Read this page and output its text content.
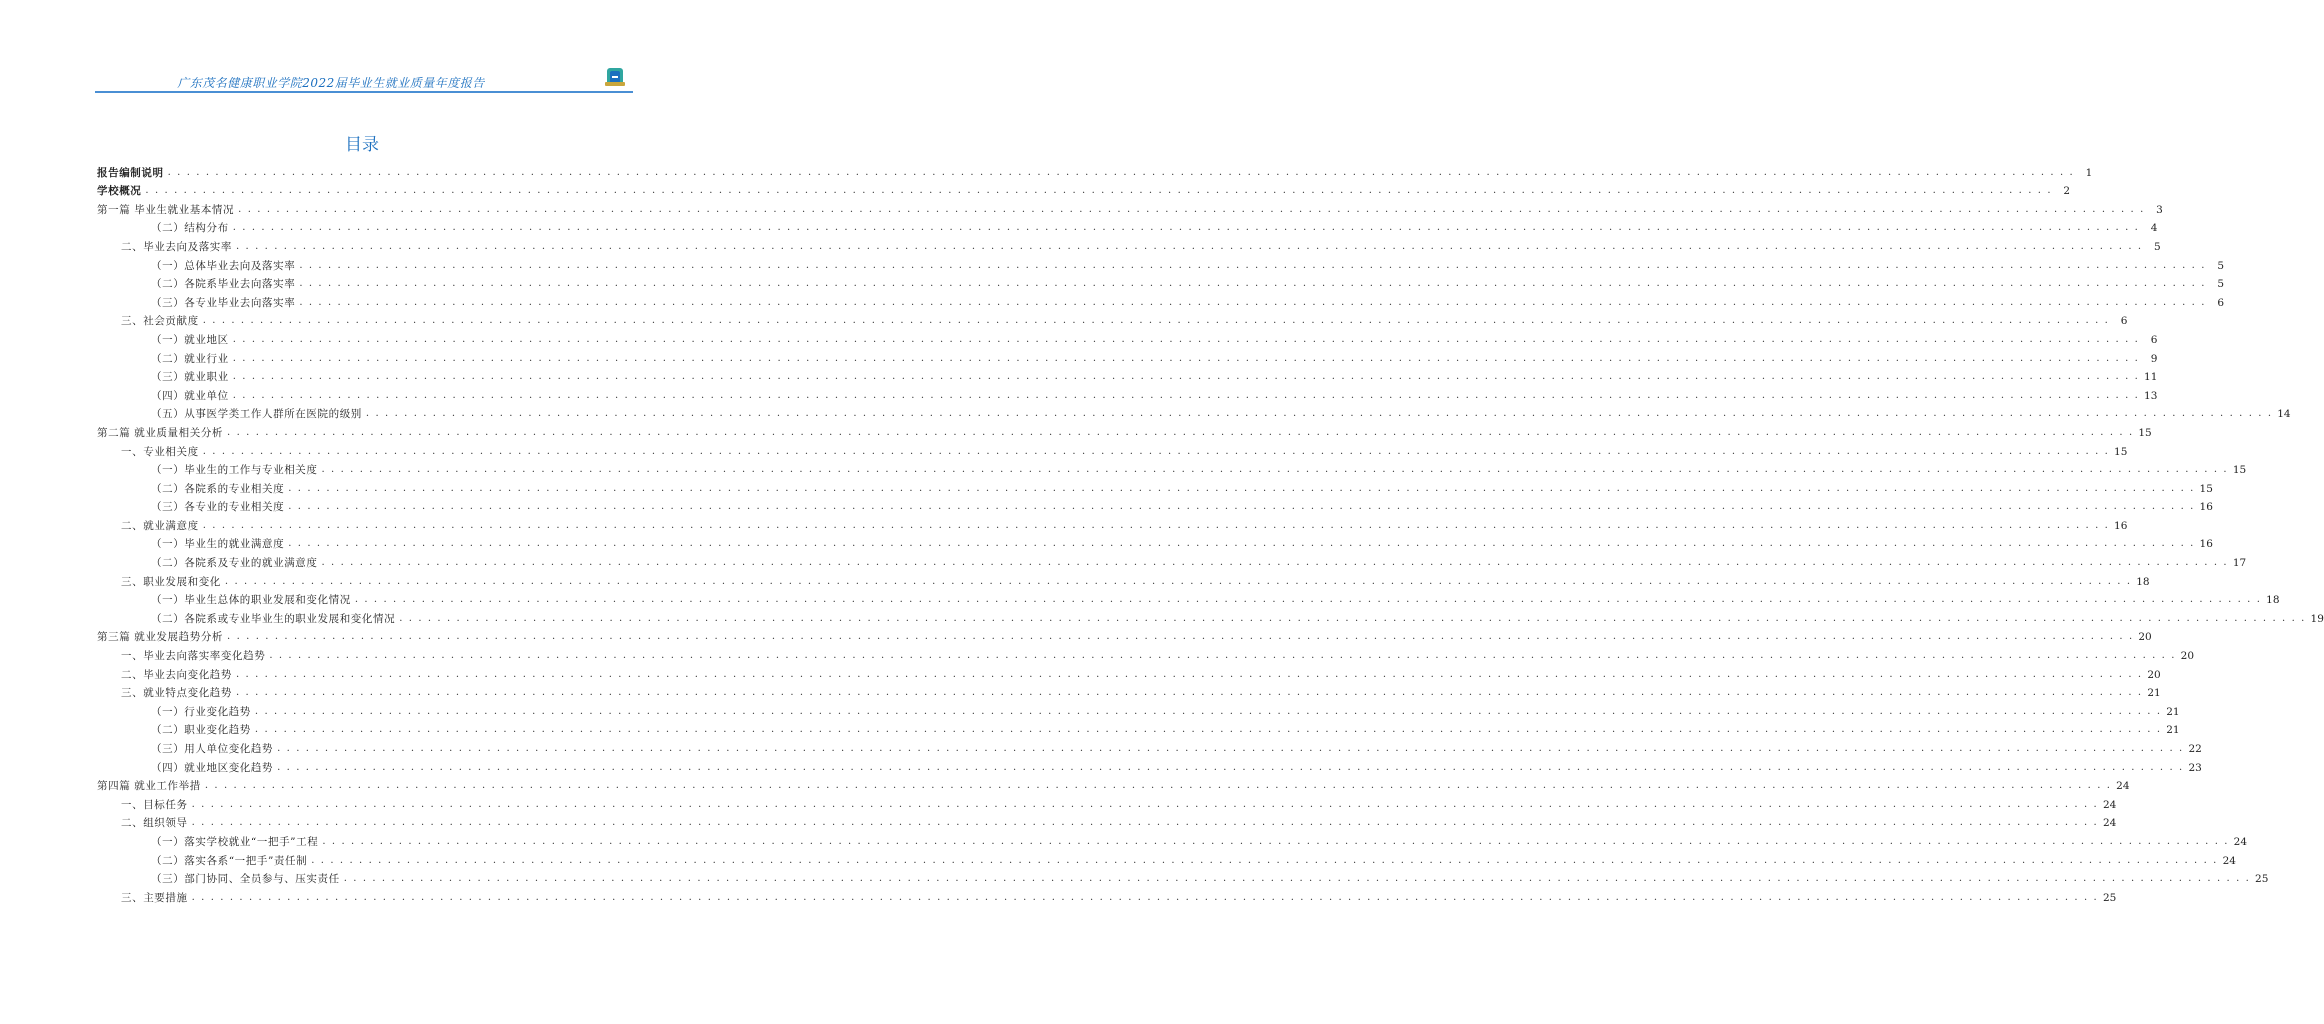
广东茂名健康职业学院2022届毕业生就业质量年度报告
目录
报告编制说明 . . . . . . . . . . . . . . . . . . . . . . . . . . . . . . . . . . . . . . . . . . . . . . . . . . . . . . . . . . . . . . . . . . . . . . . . . . . . . . . . . . . . . . . . . . . . . . . . . . . . . . . . . . . . . . . . . . . . . . . . . . . . . . . . . . . . . . . . . . . . . . . . . . . . . . . . . . . . . . . . . . . . . . . . . . . . . . . . . . . . . . . . . . . . . . . . . . . . . . . .	1
学校概况 . . . . . . . . . . . . . . . . . . . . . . . . . . . . . . . . . . . . . . . . . . . . . . . . . . . . . . . . . . . . . . . . . . . . . . . . . . . . . . . . . . . . . . . . . . . . . . . . . . . . . . . . . . . . . . . . . . . . . . . . . . . . . . . . . . . . . . . . . . . . . . . . . . . . . . . . . . . . . . . . . . . . . . . . . . . . . . . . . . . . . . . . . . . . . . . . . . . . . . . .	2
第一篇 毕业生就业基本情况 . . . . . . . . . . . . . . . . . . . . . . . . . . . . . . . . . . . . . . . . . . . . . . . . . . . . . . . . . . . . . . . . . . . . . . . . . . . . . . . . . . . . . . . . . . . . . . . . . . . . . . . . . . . . . . . . . . . . . . . . . . . . . . . . . . . . . . . . . . . . . . . . . . . . . . . . . . . . . . . . . . . . . . . . . . . . . . . . . . . . . . . . . . . . . . . . . . . . . . . .	3
（二）结构分布 . . . . . . . . . . . . . . . . . . . . . . . . . . . . . . . . . . . . . . . . . . . . . . . . . . . . . . . . . . . . . . . . . . . . . . . . . . . . . . . . . . . . . . . . . . . . . . . . . . . . . . . . . . . . . . . . . . . . . . . . . . . . . . . . . . . . . . . . . . . . . . . . . . . . . . . . . . . . . . . . . . . . . . . . . . . . . . . . . . . . . . . . . . . . . . . . . . . . . . . .	4
二、毕业去向及落实率 . . . . . . . . . . . . . . . . . . . . . . . . . . . . . . . . . . . . . . . . . . . . . . . . . . . . . . . . . . . . . . . . . . . . . . . . . . . . . . . . . . . . . . . . . . . . . . . . . . . . . . . . . . . . . . . . . . . . . . . . . . . . . . . . . . . . . . . . . . . . . . . . . . . . . . . . . . . . . . . . . . . . . . . . . . . . . . . . . . . . . . . . . . . . . . . . . . . . . . . .	5
（一）总体毕业去向及落实率 . . . . . . . . . . . . . . . . . . . . . . . . . . . . . . . . . . . . . . . . . . . . . . . . . . . . . . . . . . . . . . . . . . . . . . . . . . . . . . . . . . . . . . . . . . . . . . . . . . . . . . . . . . . . . . . . . . . . . . . . . . . . . . . . . . . . . . . . . . . . . . . . . . . . . . . . . . . . . . . . . . . . . . . . . . . . . . . . . . . . . . . . . . . . . . . . . . . . . . . .	5
（二）各院系毕业去向落实率 . . . . . . . . . . . . . . . . . . . . . . . . . . . . . . . . . . . . . . . . . . . . . . . . . . . . . . . . . . . . . . . . . . . . . . . . . . . . . . . . . . . . . . . . . . . . . . . . . . . . . . . . . . . . . . . . . . . . . . . . . . . . . . . . . . . . . . . . . . . . . . . . . . . . . . . . . . . . . . . . . . . . . . . . . . . . . . . . . . . . . . . . . . . . . . . . . . . . . . . .	5
（三）各专业毕业去向落实率 . . . . . . . . . . . . . . . . . . . . . . . . . . . . . . . . . . . . . . . . . . . . . . . . . . . . . . . . . . . . . . . . . . . . . . . . . . . . . . . . . . . . . . . . . . . . . . . . . . . . . . . . . . . . . . . . . . . . . . . . . . . . . . . . . . . . . . . . . . . . . . . . . . . . . . . . . . . . . . . . . . . . . . . . . . . . . . . . . . . . . . . . . . . . . . . . . . . . . . . .	6
三、社会贡献度 . . . . . . . . . . . . . . . . . . . . . . . . . . . . . . . . . . . . . . . . . . . . . . . . . . . . . . . . . . . . . . . . . . . . . . . . . . . . . . . . . . . . . . . . . . . . . . . . . . . . . . . . . . . . . . . . . . . . . . . . . . . . . . . . . . . . . . . . . . . . . . . . . . . . . . . . . . . . . . . . . . . . . . . . . . . . . . . . . . . . . . . . . . . . . . . . . . . . . . . .	6
（一）就业地区 . . . . . . . . . . . . . . . . . . . . . . . . . . . . . . . . . . . . . . . . . . . . . . . . . . . . . . . . . . . . . . . . . . . . . . . . . . . . . . . . . . . . . . . . . . . . . . . . . . . . . . . . . . . . . . . . . . . . . . . . . . . . . . . . . . . . . . . . . . . . . . . . . . . . . . . . . . . . . . . . . . . . . . . . . . . . . . . . . . . . . . . . . . . . . . . . . . . . . . . .	6
（二）就业行业 . . . . . . . . . . . . . . . . . . . . . . . . . . . . . . . . . . . . . . . . . . . . . . . . . . . . . . . . . . . . . . . . . . . . . . . . . . . . . . . . . . . . . . . . . . . . . . . . . . . . . . . . . . . . . . . . . . . . . . . . . . . . . . . . . . . . . . . . . . . . . . . . . . . . . . . . . . . . . . . . . . . . . . . . . . . . . . . . . . . . . . . . . . . . . . . . . . . . . . . .	9
（三）就业职业 . . . . . . . . . . . . . . . . . . . . . . . . . . . . . . . . . . . . . . . . . . . . . . . . . . . . . . . . . . . . . . . . . . . . . . . . . . . . . . . . . . . . . . . . . . . . . . . . . . . . . . . . . . . . . . . . . . . . . . . . . . . . . . . . . . . . . . . . . . . . . . . . . . . . . . . . . . . . . . . . . . . . . . . . . . . . . . . . . . . . . . . . . . . . . . . . . . . . . . . . 11
（四）就业单位 . . . . . . . . . . . . . . . . . . . . . . . . . . . . . . . . . . . . . . . . . . . . . . . . . . . . . . . . . . . . . . . . . . . . . . . . . . . . . . . . . . . . . . . . . . . . . . . . . . . . . . . . . . . . . . . . . . . . . . . . . . . . . . . . . . . . . . . . . . . . . . . . . . . . . . . . . . . . . . . . . . . . . . . . . . . . . . . . . . . . . . . . . . . . . . . . . . . . . . . . 13
（五）从事医学类工作人群所在医院的级别 . . . . . . . . . . . . . . . . . . . . . . . . . . . . . . . . . . . . . . . . . . . . . . . . . . . . . . . . . . . . . . . . . . . . . . . . . . . . . . . . . . . . . . . . . . . . . . . . . . . . . . . . . . . . . . . . . . . . . . . . . . . . . . . . . . . . . . . . . . . . . . . . . . . . . . . . . . . . . . . . . . . . . . . . . . . . . . . . . . . . . . . . . . . . . . . . . . . . . . . . 14
第二篇 就业质量相关分析 . . . . . . . . . . . . . . . . . . . . . . . . . . . . . . . . . . . . . . . . . . . . . . . . . . . . . . . . . . . . . . . . . . . . . . . . . . . . . . . . . . . . . . . . . . . . . . . . . . . . . . . . . . . . . . . . . . . . . . . . . . . . . . . . . . . . . . . . . . . . . . . . . . . . . . . . . . . . . . . . . . . . . . . . . . . . . . . . . . . . . . . . . . . . . . . . . . . . . . . . 15
一、专业相关度 . . . . . . . . . . . . . . . . . . . . . . . . . . . . . . . . . . . . . . . . . . . . . . . . . . . . . . . . . . . . . . . . . . . . . . . . . . . . . . . . . . . . . . . . . . . . . . . . . . . . . . . . . . . . . . . . . . . . . . . . . . . . . . . . . . . . . . . . . . . . . . . . . . . . . . . . . . . . . . . . . . . . . . . . . . . . . . . . . . . . . . . . . . . . . . . . . . . . . . . . 15
（一）毕业生的工作与专业相关度 . . . . . . . . . . . . . . . . . . . . . . . . . . . . . . . . . . . . . . . . . . . . . . . . . . . . . . . . . . . . . . . . . . . . . . . . . . . . . . . . . . . . . . . . . . . . . . . . . . . . . . . . . . . . . . . . . . . . . . . . . . . . . . . . . . . . . . . . . . . . . . . . . . . . . . . . . . . . . . . . . . . . . . . . . . . . . . . . . . . . . . . . . . . . . . . . . . . . . . . . 15
（二）各院系的专业相关度 . . . . . . . . . . . . . . . . . . . . . . . . . . . . . . . . . . . . . . . . . . . . . . . . . . . . . . . . . . . . . . . . . . . . . . . . . . . . . . . . . . . . . . . . . . . . . . . . . . . . . . . . . . . . . . . . . . . . . . . . . . . . . . . . . . . . . . . . . . . . . . . . . . . . . . . . . . . . . . . . . . . . . . . . . . . . . . . . . . . . . . . . . . . . . . . . . . . . . . . . 15
（三）各专业的专业相关度 . . . . . . . . . . . . . . . . . . . . . . . . . . . . . . . . . . . . . . . . . . . . . . . . . . . . . . . . . . . . . . . . . . . . . . . . . . . . . . . . . . . . . . . . . . . . . . . . . . . . . . . . . . . . . . . . . . . . . . . . . . . . . . . . . . . . . . . . . . . . . . . . . . . . . . . . . . . . . . . . . . . . . . . . . . . . . . . . . . . . . . . . . . . . . . . . . . . . . . . . 16
二、就业满意度 . . . . . . . . . . . . . . . . . . . . . . . . . . . . . . . . . . . . . . . . . . . . . . . . . . . . . . . . . . . . . . . . . . . . . . . . . . . . . . . . . . . . . . . . . . . . . . . . . . . . . . . . . . . . . . . . . . . . . . . . . . . . . . . . . . . . . . . . . . . . . . . . . . . . . . . . . . . . . . . . . . . . . . . . . . . . . . . . . . . . . . . . . . . . . . . . . . . . . . . . 16
（一）毕业生的就业满意度 . . . . . . . . . . . . . . . . . . . . . . . . . . . . . . . . . . . . . . . . . . . . . . . . . . . . . . . . . . . . . . . . . . . . . . . . . . . . . . . . . . . . . . . . . . . . . . . . . . . . . . . . . . . . . . . . . . . . . . . . . . . . . . . . . . . . . . . . . . . . . . . . . . . . . . . . . . . . . . . . . . . . . . . . . . . . . . . . . . . . . . . . . . . . . . . . . . . . . . . . 16
（二）各院系及专业的就业满意度 . . . . . . . . . . . . . . . . . . . . . . . . . . . . . . . . . . . . . . . . . . . . . . . . . . . . . . . . . . . . . . . . . . . . . . . . . . . . . . . . . . . . . . . . . . . . . . . . . . . . . . . . . . . . . . . . . . . . . . . . . . . . . . . . . . . . . . . . . . . . . . . . . . . . . . . . . . . . . . . . . . . . . . . . . . . . . . . . . . . . . . . . . . . . . . . . . . . . . . . . 17
三、职业发展和变化 . . . . . . . . . . . . . . . . . . . . . . . . . . . . . . . . . . . . . . . . . . . . . . . . . . . . . . . . . . . . . . . . . . . . . . . . . . . . . . . . . . . . . . . . . . . . . . . . . . . . . . . . . . . . . . . . . . . . . . . . . . . . . . . . . . . . . . . . . . . . . . . . . . . . . . . . . . . . . . . . . . . . . . . . . . . . . . . . . . . . . . . . . . . . . . . . . . . . . . . . 18
（一）毕业生总体的职业发展和变化情况 . . . . . . . . . . . . . . . . . . . . . . . . . . . . . . . . . . . . . . . . . . . . . . . . . . . . . . . . . . . . . . . . . . . . . . . . . . . . . . . . . . . . . . . . . . . . . . . . . . . . . . . . . . . . . . . . . . . . . . . . . . . . . . . . . . . . . . . . . . . . . . . . . . . . . . . . . . . . . . . . . . . . . . . . . . . . . . . . . . . . . . . . . . . . . . . . . . . . . . . . 18
（二）各院系或专业毕业生的职业发展和变化情况 . . . . . . . . . . . . . . . . . . . . . . . . . . . . . . . . . . . . . . . . . . . . . . . . . . . . . . . . . . . . . . . . . . . . . . . . . . . . . . . . . . . . . . . . . . . . . . . . . . . . . . . . . . . . . . . . . . . . . . . . . . . . . . . . . . . . . . . . . . . . . . . . . . . . . . . . . . . . . . . . . . . . . . . . . . . . . . . . . . . . . . . . . . . . . . . . . . . . . . . . 19
第三篇 就业发展趋势分析 . . . . . . . . . . . . . . . . . . . . . . . . . . . . . . . . . . . . . . . . . . . . . . . . . . . . . . . . . . . . . . . . . . . . . . . . . . . . . . . . . . . . . . . . . . . . . . . . . . . . . . . . . . . . . . . . . . . . . . . . . . . . . . . . . . . . . . . . . . . . . . . . . . . . . . . . . . . . . . . . . . . . . . . . . . . . . . . . . . . . . . . . . . . . . . . . . . . . . . . . 20
一、毕业去向落实率变化趋势 . . . . . . . . . . . . . . . . . . . . . . . . . . . . . . . . . . . . . . . . . . . . . . . . . . . . . . . . . . . . . . . . . . . . . . . . . . . . . . . . . . . . . . . . . . . . . . . . . . . . . . . . . . . . . . . . . . . . . . . . . . . . . . . . . . . . . . . . . . . . . . . . . . . . . . . . . . . . . . . . . . . . . . . . . . . . . . . . . . . . . . . . . . . . . . . . . . . . . . . . 20
二、毕业去向变化趋势 . . . . . . . . . . . . . . . . . . . . . . . . . . . . . . . . . . . . . . . . . . . . . . . . . . . . . . . . . . . . . . . . . . . . . . . . . . . . . . . . . . . . . . . . . . . . . . . . . . . . . . . . . . . . . . . . . . . . . . . . . . . . . . . . . . . . . . . . . . . . . . . . . . . . . . . . . . . . . . . . . . . . . . . . . . . . . . . . . . . . . . . . . . . . . . . . . . . . . . . . 20
三、就业特点变化趋势 . . . . . . . . . . . . . . . . . . . . . . . . . . . . . . . . . . . . . . . . . . . . . . . . . . . . . . . . . . . . . . . . . . . . . . . . . . . . . . . . . . . . . . . . . . . . . . . . . . . . . . . . . . . . . . . . . . . . . . . . . . . . . . . . . . . . . . . . . . . . . . . . . . . . . . . . . . . . . . . . . . . . . . . . . . . . . . . . . . . . . . . . . . . . . . . . . . . . . . . . 21
（一）行业变化趋势 . . . . . . . . . . . . . . . . . . . . . . . . . . . . . . . . . . . . . . . . . . . . . . . . . . . . . . . . . . . . . . . . . . . . . . . . . . . . . . . . . . . . . . . . . . . . . . . . . . . . . . . . . . . . . . . . . . . . . . . . . . . . . . . . . . . . . . . . . . . . . . . . . . . . . . . . . . . . . . . . . . . . . . . . . . . . . . . . . . . . . . . . . . . . . . . . . . . . . . . . 21
（二）职业变化趋势 . . . . . . . . . . . . . . . . . . . . . . . . . . . . . . . . . . . . . . . . . . . . . . . . . . . . . . . . . . . . . . . . . . . . . . . . . . . . . . . . . . . . . . . . . . . . . . . . . . . . . . . . . . . . . . . . . . . . . . . . . . . . . . . . . . . . . . . . . . . . . . . . . . . . . . . . . . . . . . . . . . . . . . . . . . . . . . . . . . . . . . . . . . . . . . . . . . . . . . . . 21
（三）用人单位变化趋势 . . . . . . . . . . . . . . . . . . . . . . . . . . . . . . . . . . . . . . . . . . . . . . . . . . . . . . . . . . . . . . . . . . . . . . . . . . . . . . . . . . . . . . . . . . . . . . . . . . . . . . . . . . . . . . . . . . . . . . . . . . . . . . . . . . . . . . . . . . . . . . . . . . . . . . . . . . . . . . . . . . . . . . . . . . . . . . . . . . . . . . . . . . . . . . . . . . . . . . . . 22
（四）就业地区变化趋势 . . . . . . . . . . . . . . . . . . . . . . . . . . . . . . . . . . . . . . . . . . . . . . . . . . . . . . . . . . . . . . . . . . . . . . . . . . . . . . . . . . . . . . . . . . . . . . . . . . . . . . . . . . . . . . . . . . . . . . . . . . . . . . . . . . . . . . . . . . . . . . . . . . . . . . . . . . . . . . . . . . . . . . . . . . . . . . . . . . . . . . . . . . . . . . . . . . . . . . . . 23
第四篇 就业工作举措 . . . . . . . . . . . . . . . . . . . . . . . . . . . . . . . . . . . . . . . . . . . . . . . . . . . . . . . . . . . . . . . . . . . . . . . . . . . . . . . . . . . . . . . . . . . . . . . . . . . . . . . . . . . . . . . . . . . . . . . . . . . . . . . . . . . . . . . . . . . . . . . . . . . . . . . . . . . . . . . . . . . . . . . . . . . . . . . . . . . . . . . . . . . . . . . . . . . . . . . . 24
一、目标任务 . . . . . . . . . . . . . . . . . . . . . . . . . . . . . . . . . . . . . . . . . . . . . . . . . . . . . . . . . . . . . . . . . . . . . . . . . . . . . . . . . . . . . . . . . . . . . . . . . . . . . . . . . . . . . . . . . . . . . . . . . . . . . . . . . . . . . . . . . . . . . . . . . . . . . . . . . . . . . . . . . . . . . . . . . . . . . . . . . . . . . . . . . . . . . . . . . . . . . . . . 24
二、组织领导 . . . . . . . . . . . . . . . . . . . . . . . . . . . . . . . . . . . . . . . . . . . . . . . . . . . . . . . . . . . . . . . . . . . . . . . . . . . . . . . . . . . . . . . . . . . . . . . . . . . . . . . . . . . . . . . . . . . . . . . . . . . . . . . . . . . . . . . . . . . . . . . . . . . . . . . . . . . . . . . . . . . . . . . . . . . . . . . . . . . . . . . . . . . . . . . . . . . . . . . . 24
（一）落实学校就业“一把手”工程 . . . . . . . . . . . . . . . . . . . . . . . . . . . . . . . . . . . . . . . . . . . . . . . . . . . . . . . . . . . . . . . . . . . . . . . . . . . . . . . . . . . . . . . . . . . . . . . . . . . . . . . . . . . . . . . . . . . . . . . . . . . . . . . . . . . . . . . . . . . . . . . . . . . . . . . . . . . . . . . . . . . . . . . . . . . . . . . . . . . . . . . . . . . . . . . . . . . . . . . . 24
（二）落实各系“一把手”责任制 . . . . . . . . . . . . . . . . . . . . . . . . . . . . . . . . . . . . . . . . . . . . . . . . . . . . . . . . . . . . . . . . . . . . . . . . . . . . . . . . . . . . . . . . . . . . . . . . . . . . . . . . . . . . . . . . . . . . . . . . . . . . . . . . . . . . . . . . . . . . . . . . . . . . . . . . . . . . . . . . . . . . . . . . . . . . . . . . . . . . . . . . . . . . . . . . . . . . . . . . 24
（三）部门协同、全员参与、压实责任 . . . . . . . . . . . . . . . . . . . . . . . . . . . . . . . . . . . . . . . . . . . . . . . . . . . . . . . . . . . . . . . . . . . . . . . . . . . . . . . . . . . . . . . . . . . . . . . . . . . . . . . . . . . . . . . . . . . . . . . . . . . . . . . . . . . . . . . . . . . . . . . . . . . . . . . . . . . . . . . . . . . . . . . . . . . . . . . . . . . . . . . . . . . . . . . . . . . . . . . . 25
三、主要措施 . . . . . . . . . . . . . . . . . . . . . . . . . . . . . . . . . . . . . . . . . . . . . . . . . . . . . . . . . . . . . . . . . . . . . . . . . . . . . . . . . . . . . . . . . . . . . . . . . . . . . . . . . . . . . . . . . . . . . . . . . . . . . . . . . . . . . . . . . . . . . . . . . . . . . . . . . . . . . . . . . . . . . . . . . . . . . . . . . . . . . . . . . . . . . . . . . . . . . . . . 25
